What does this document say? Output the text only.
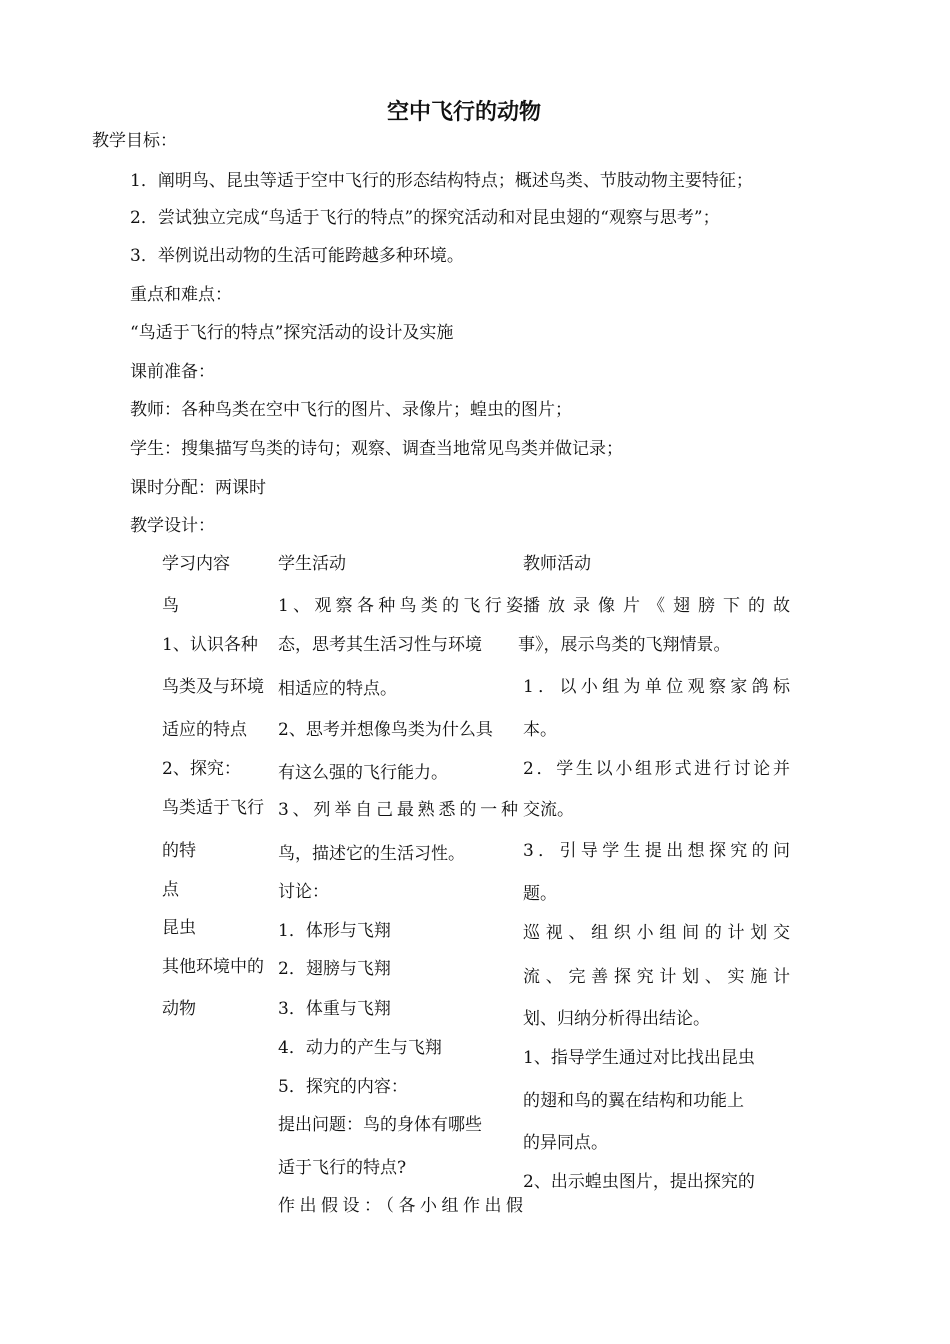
空中飞行的动物
教学目标：
1．阐明鸟、昆虫等适于空中飞行的形态结构特点；概述鸟类、节肢动物主要特征；
2．尝试独立完成“鸟适于飞行的特点”的探究活动和对昆虫翅的“观察与思考”；
3．举例说出动物的生活可能跨越多种环境。
重点和难点：
“鸟适于飞行的特点”探究活动的设计及实施
课前准备：
教师：各种鸟类在空中飞行的图片、录像片；蝗虫的图片；
学生：搜集描写鸟类的诗句；观察、调查当地常见鸟类并做记录；
课时分配：两课时
教学设计：
学习内容	学生活动	教师活动
鸟
1、认识各种
鸟类及与环境
适应的特点
2、探究：
鸟类适于飞行
的特
点
昆虫
其他环境中的
动物
1、观察各种鸟类的飞行姿
态，思考其生活习性与环境
相适应的特点。
2、思考并想像鸟类为什么具
有这么强的飞行能力。
3、列举自己最熟悉的一种
鸟，描述它的生活习性。
讨论：
1．体形与飞翔
2．翅膀与飞翔
3．体重与飞翔
4．动力的产生与飞翔
5．探究的内容：
提出问题：鸟的身体有哪些
适于飞行的特点?
作出假设：（各小组作出假
播放录像片《翅膀下的故
事》，展示鸟类的飞翔情景。
1．以小组为单位观察家鸽标
本。
2．学生以小组形式进行讨论并
交流。
3．引导学生提出想探究的问
题。
巡视、组织小组间的计划交
流、完善探究计划、实施计
划、归纳分析得出结论。
1、指导学生通过对比找出昆虫
的翅和鸟的翼在结构和功能上
的异同点。
2、出示蝗虫图片，提出探究的
